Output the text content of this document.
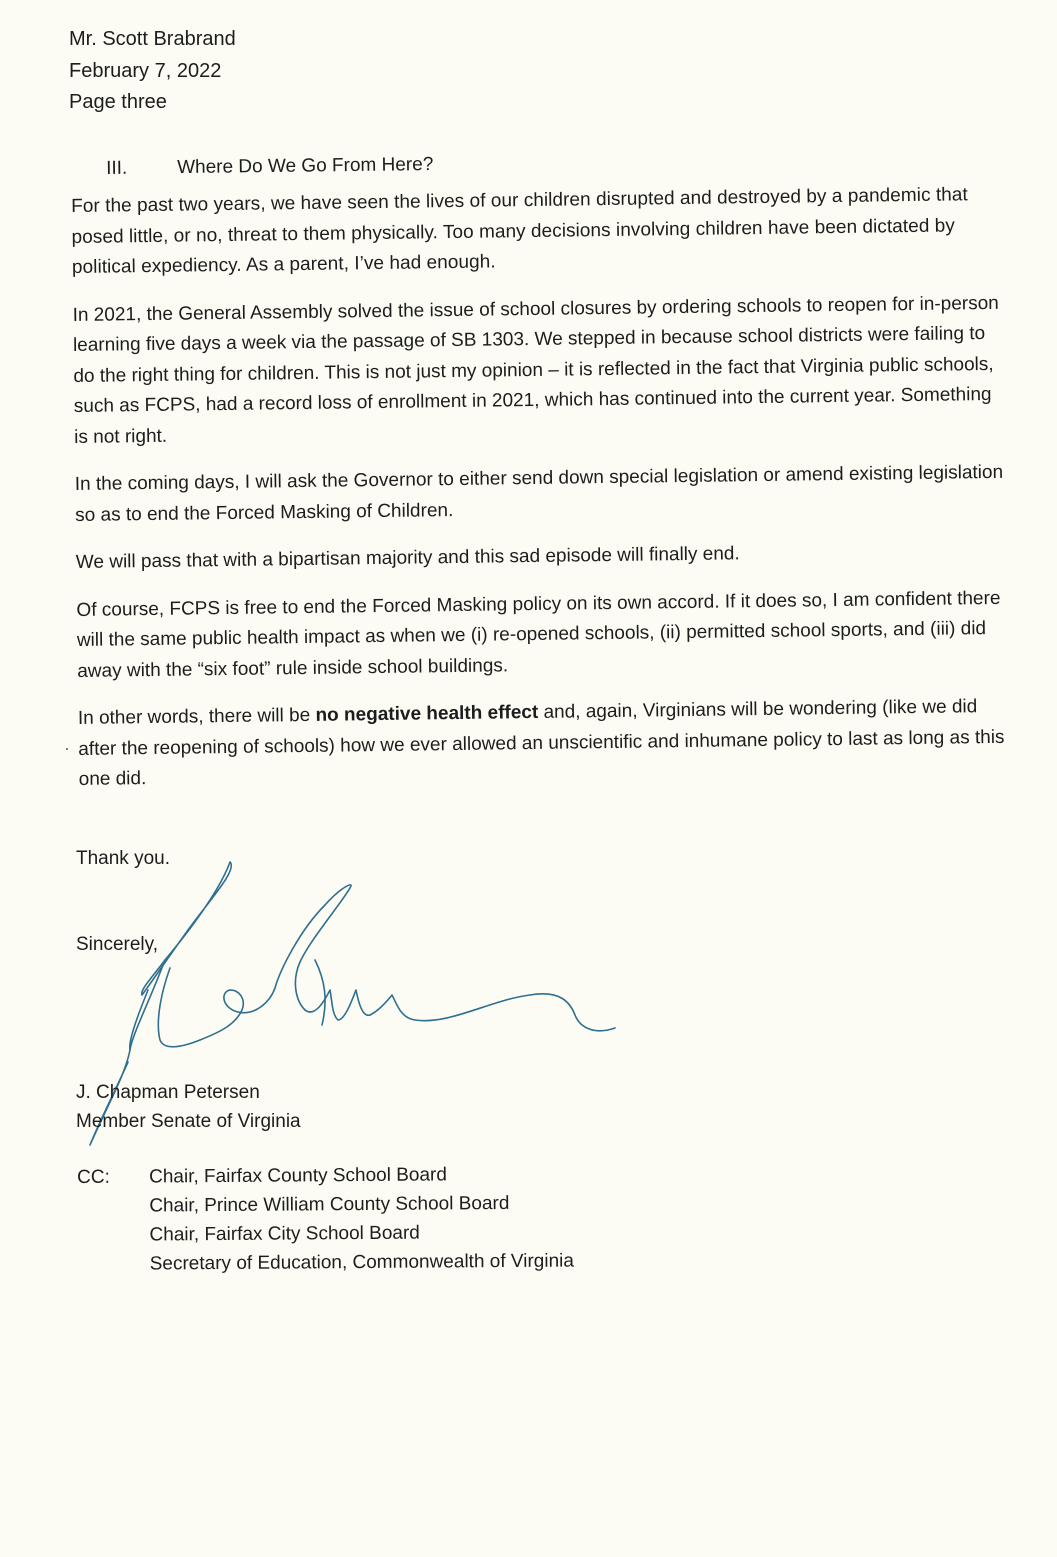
Mr. Scott Brabrand
February 7, 2022
Page three
III.	Where Do We Go From Here?

For the past two years, we have seen the lives of our children disrupted and destroyed by a pandemic that posed little, or no, threat to them physically. Too many decisions involving children have been dictated by political expediency. As a parent, I’ve had enough.

In 2021, the General Assembly solved the issue of school closures by ordering schools to reopen for in-person learning five days a week via the passage of SB 1303. We stepped in because school districts were failing to do the right thing for children. This is not just my opinion – it is reflected in the fact that Virginia public schools, such as FCPS, had a record loss of enrollment in 2021, which has continued into the current year. Something is not right.

In the coming days, I will ask the Governor to either send down special legislation or amend existing legislation so as to end the Forced Masking of Children.

We will pass that with a bipartisan majority and this sad episode will finally end.

Of course, FCPS is free to end the Forced Masking policy on its own accord. If it does so, I am confident there will the same public health impact as when we (i) re-opened schools, (ii) permitted school sports, and (iii) did away with the “six foot” rule inside school buildings.

In other words, there will be no negative health effect and, again, Virginians will be wondering (like we did after the reopening of schools) how we ever allowed an unscientific and inhumane policy to last as long as this one did.

Thank you.
Sincerely,
J. Chapman Petersen
Member Senate of Virginia
CC: Chair, Fairfax County School Board
Chair, Prince William County School Board
Chair, Fairfax City School Board
Secretary of Education, Commonwealth of Virginia
